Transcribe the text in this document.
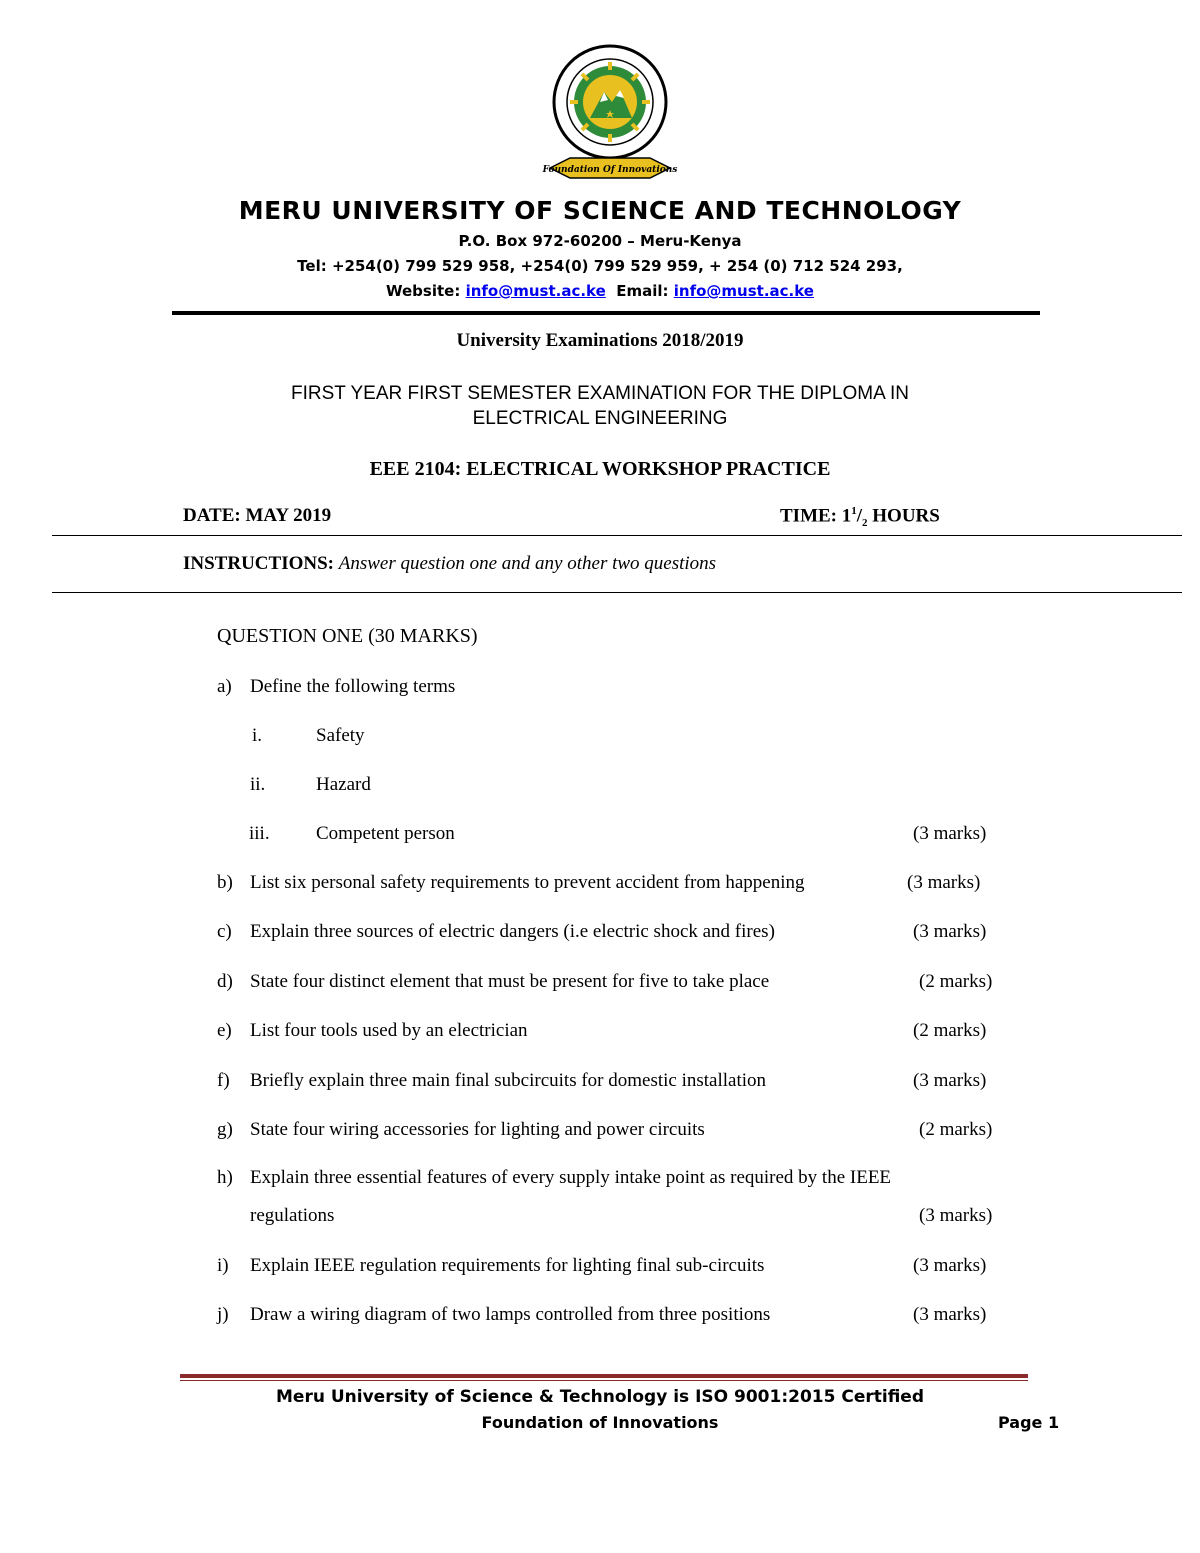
Foundation Of Innovations
MERU UNIVERSITY OF SCIENCE AND TECHNOLOGY
P.O. Box 972-60200 – Meru-Kenya
Tel: +254(0) 799 529 958, +254(0) 799 529 959, + 254 (0) 712 524 293,
Website: info@must.ac.ke Email: info@must.ac.ke
University Examinations 2018/2019
FIRST YEAR FIRST SEMESTER EXAMINATION FOR THE DIPLOMA IN
ELECTRICAL ENGINEERING
EEE 2104: ELECTRICAL WORKSHOP PRACTICE
DATE: MAY 2019	TIME: $1^1/_2$ HOURS
INSTRUCTIONS: Answer question one and any other two questions
QUESTION ONE (30 MARKS)
a) Define the following terms
i.	Safety
ii.	Hazard
iii. Competent person	(3 marks)
b) List six personal safety requirements to prevent accident from happening	(3 marks)
c) Explain three sources of electric dangers (i.e electric shock and fires)	(3 marks)
d) State four distinct element that must be present for five to take place	(2 marks)
e) List four tools used by an electrician	(2 marks)
f) Briefly explain three main final subcircuits for domestic installation	(3 marks)
g) State four wiring accessories for lighting and power circuits	(2 marks)
h) Explain three essential features of every supply intake point as required by the IEEE
regulations	(3 marks)
i) Explain IEEE regulation requirements for lighting final sub-circuits	(3 marks)
j) Draw a wiring diagram of two lamps controlled from three positions	(3 marks)
Meru University of Science & Technology is ISO 9001:2015 Certified
Foundation of Innovations	Page 1
